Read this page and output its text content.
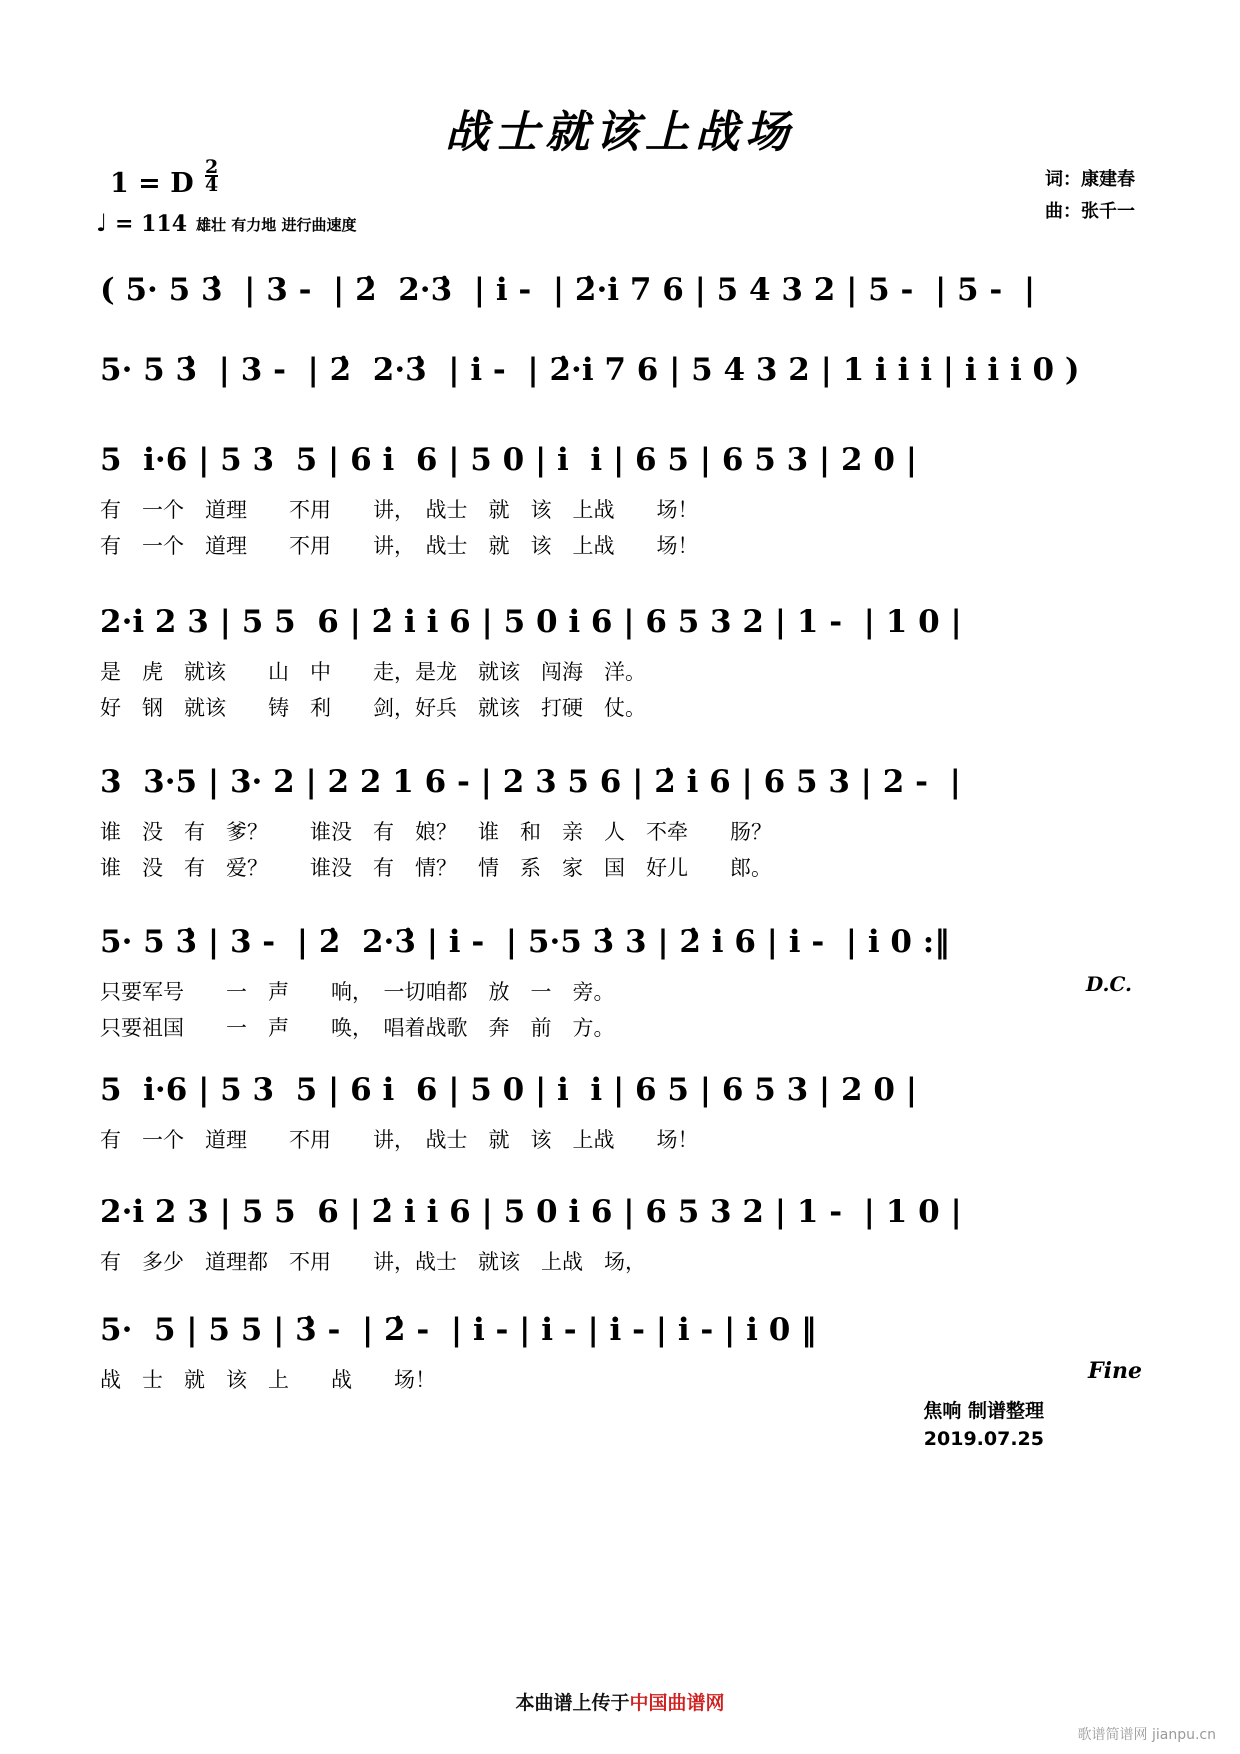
战士就该上战场
1 = D $\frac{2}{4}$
♩ = 114 雄壮 有力地 进行曲速度
词：康建春
曲：张千一
( 5· 5 3̇  | 3 -  | 2̇  2·3̇  | i -  | 2̇·i 7 6 | 5 4 3 2 | 5 -  | 5 -  |
5· 5 3̇  | 3 -  | 2̇  2·3̇  | i -  | 2̇·i 7 6 | 5 4 3 2 | 1 i i i | i i i 0 )
5  i·6 | 5 3  5 | 6 i  6 | 5 0 | i  i | 6 5 | 6 5 3 | 2 0 |
有　一个　道理　　不用　　讲，　战士　就　该　上战　　场！
有　一个　道理　　不用　　讲，　战士　就　该　上战　　场！
2·i 2 3 | 5 5  6 | 2̇ i i 6 | 5 0 i 6 | 6 5 3 2 | 1 -  | 1 0 |
是　虎　就该　　山　中　　走，是龙　就该　闯海　洋。
好　钢　就该　　铸　利　　剑，好兵　就该　打硬　仗。
3  3·5 | 3· 2 | 2 2 1 6 - | 2 3 5 6 | 2̇ i 6 | 6 5 3 | 2 -  |
谁　没　有　爹？　　谁没　有　娘？　谁　和　亲　人　不牵　　肠？
谁　没　有　爱？　　谁没　有　情？　情　系　家　国　好儿　　郎。
5· 5 3̇ | 3 -  | 2̇  2·3̇ | i -  | 5·5 3̇ 3 | 2̇ i 6 | i -  | i 0 :‖
只要军号　　一　声　　响，　一切咱都　放　一　旁。
只要祖国　　一　声　　唤，　唱着战歌　奔　前　方。
D.C.
5  i·6 | 5 3  5 | 6 i  6 | 5 0 | i  i | 6 5 | 6 5 3 | 2 0 |
有　一个　道理　　不用　　讲，　战士　就　该　上战　　场！
2·i 2 3 | 5 5  6 | 2̇ i i 6 | 5 0 i 6 | 6 5 3 2 | 1 -  | 1 0 |
有　多少　道理都　不用　　讲，战士　就该　上战　场，
5·  5 | 5 5 | 3̇ -  | 2̇ -  | i - | i - | i - | i - | i 0 ‖
战　士　就　该　上　　战　　场！	Fine
焦响 制谱整理
2019.07.25
本曲谱上传于中国曲谱网
歌谱简谱网 jianpu.cn
